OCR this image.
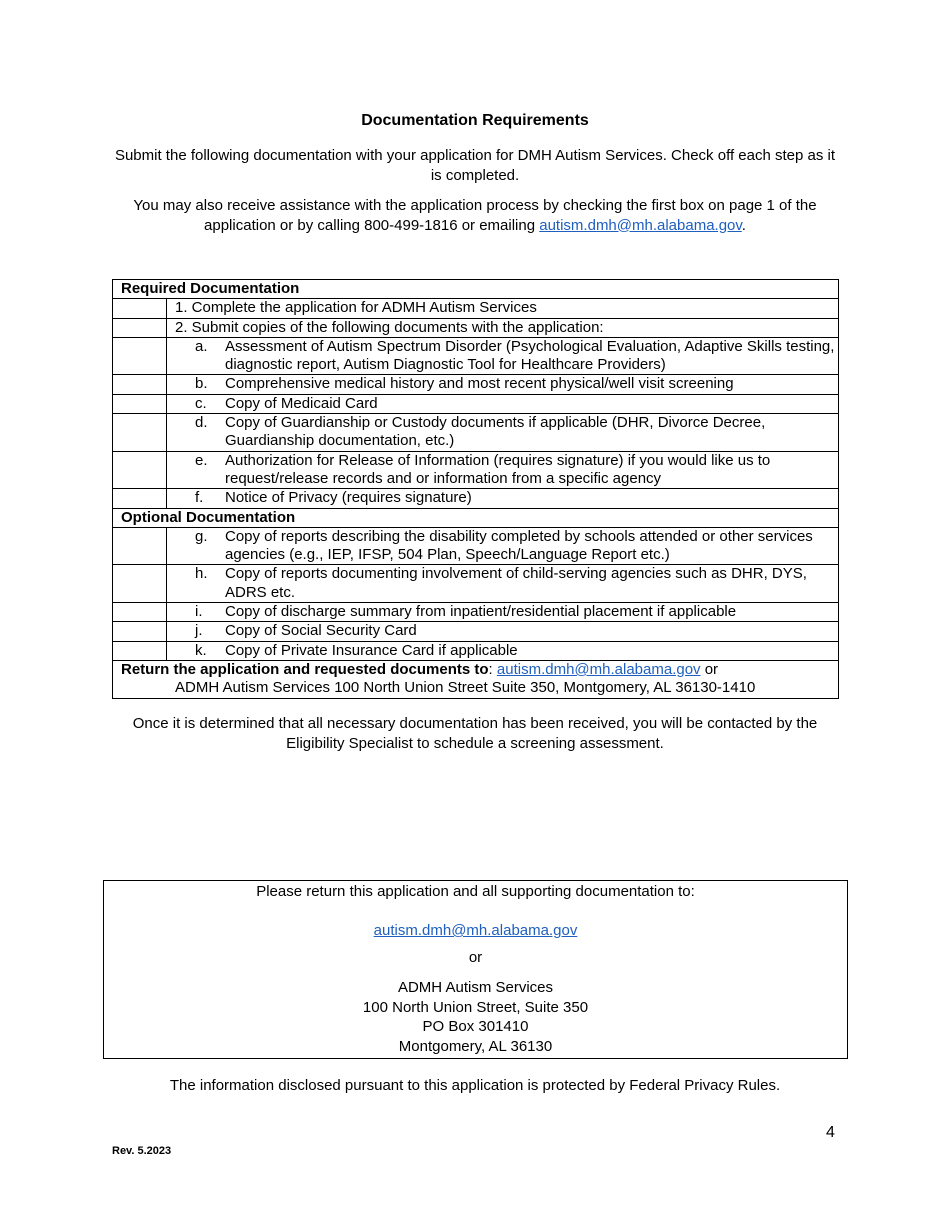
Documentation Requirements
Submit the following documentation with your application for DMH Autism Services. Check off each step as it is completed.
You may also receive assistance with the application process by checking the first box on page 1 of the application or by calling 800-499-1816 or emailing autism.dmh@mh.alabama.gov.
Required Documentation	
	1. Complete the application for ADMH Autism Services
	2. Submit copies of the following documents with the application:

	a. Assessment of Autism Spectrum Disorder (Psychological Evaluation, Adaptive Skills testing, diagnostic report, Autism Diagnostic Tool for Healthcare Providers)

	b. Comprehensive medical history and most recent physical/well visit screening

	c. Copy of Medicaid Card

	d. Copy of Guardianship or Custody documents if applicable (DHR, Divorce Decree, Guardianship documentation, etc.)

	e. Authorization for Release of Information (requires signature) if you would like us to request/release records and or information from a specific agency

	f. Notice of Privacy (requires signature)

Optional Documentation	

	g. Copy of reports describing the disability completed by schools attended or other services agencies (e.g., IEP, IFSP, 504 Plan, Speech/Language Report etc.)

	h. Copy of reports documenting involvement of child-serving agencies such as DHR, DYS, ADRS etc.

	i. Copy of discharge summary from inpatient/residential placement if applicable

	j. Copy of Social Security Card

	k. Copy of Private Insurance Card if applicable

Return the application and requested documents to: autism.dmh@mh.alabama.gov or
ADMH Autism Services 100 North Union Street Suite 350, Montgomery, AL 36130-1410	
Once it is determined that all necessary documentation has been received, you will be contacted by the Eligibility Specialist to schedule a screening assessment.
Please return this application and all supporting documentation to:
autism.dmh@mh.alabama.gov
or
ADMH Autism Services
100 North Union Street, Suite 350
PO Box 301410
Montgomery, AL 36130
The information disclosed pursuant to this application is protected by Federal Privacy Rules.
4
Rev. 5.2023
